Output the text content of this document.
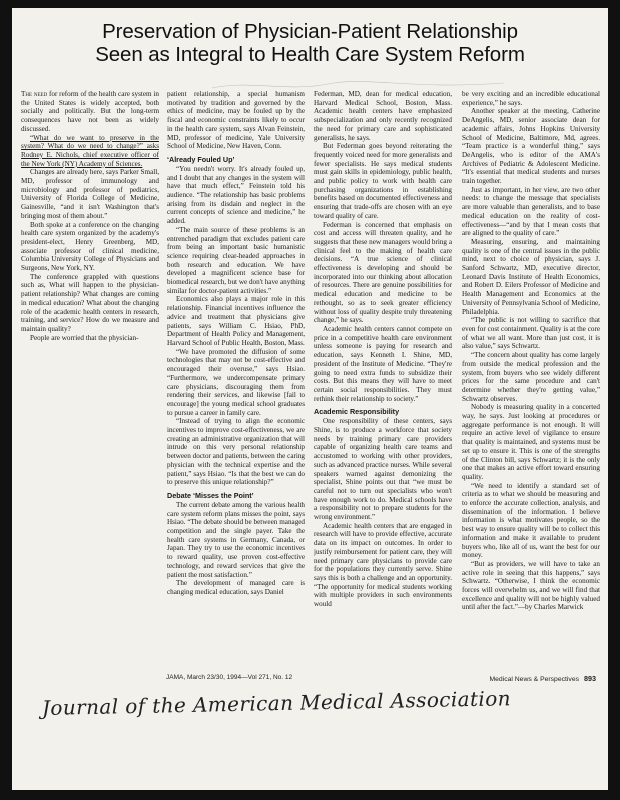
Preservation of Physician-Patient Relationship
Seen as Integral to Health Care System Reform

The need for reform of the health care system in the United States is widely accepted, both socially and politically. But the long-term consequences have not been as widely discussed.

“What do we want to preserve in the system? What do we need to change?” asks Rodney E. Nichols, chief executive officer of the New York (NY) Academy of Sciences.

Changes are already here, says Parker Small, MD, professor of immunology and microbiology and professor of pediatrics, University of Florida College of Medicine, Gainesville, “and it isn't Washington that's bringing most of them about.”

Both spoke at a conference on the changing health care system organized by the academy's president-elect, Henry Greenberg, MD, associate professor of clinical medicine, Columbia University College of Physicians and Surgeons, New York, NY.

The conference grappled with questions such as, What will happen to the physician-patient relationship? What changes are coming in medical education? What about the changing role of the academic health centers in research, training, and service? How do we measure and maintain quality?

People are worried that the physician-

patient relationship, a special humanism motivated by tradition and governed by the ethics of medicine, may be fouled up by the fiscal and economic constraints likely to occur in the health care system, says Alvan Feinstein, MD, professor of medicine, Yale University School of Medicine, New Haven, Conn.

‘Already Fouled Up’

“You needn't worry. It's already fouled up, and I doubt that any changes in the system will have that much effect,” Feinstein told his audience. “The relationship has basic problems arising from its disdain and neglect in the current concepts of science and medicine,” he added.

“The main source of these problems is an entrenched paradigm that excludes patient care from being an important basic humanistic science requiring clear-headed approaches in both research and education. We have developed a magnificent science base for biomedical research, but we don't have anything similar for doctor-patient activities.”

Economics also plays a major role in this relationship. Financial incentives influence the advice and treatment that physicians give patients, says William C. Hsiao, PhD, Department of Health Policy and Management, Harvard School of Public Health, Boston, Mass.

“We have promoted the diffusion of some technologies that may not be cost-effective and encouraged their overuse,” says Hsiao. “Furthermore, we undercompensate primary care physicians, discouraging them from rendering their services, and likewise [fail to encourage] the young medical school graduates to pursue a career in family care.

“Instead of trying to align the economic incentives to improve cost-effectiveness, we are creating an administrative organization that will intrude on this very personal relationship between doctor and patients, between the caring physician with the technical expertise and the patient,” says Hsiao. “Is that the best we can do to preserve this unique relationship?”

Debate ‘Misses the Point’

The current debate among the various health care system reform plans misses the point, says Hsiao. “The debate should be between managed competition and the single payer. Take the health care systems in Germany, Canada, or Japan. They try to use the economic incentives to reward quality, use proven cost-effective technology, and reward services that give the patient the most satisfaction.”

The development of managed care is changing medical education, says Daniel

Federman, MD, dean for medical education, Harvard Medical School, Boston, Mass. Academic health centers have emphasized subspecialization and only recently recognized the need for primary care and sophisticated generalists, he says.

But Federman goes beyond reiterating the frequently voiced need for more generalists and fewer specialists. He says medical students must gain skills in epidemiology, public health, and public policy to work with health care purchasing organizations in establishing benefits based on documented effectiveness and ensuring that trade-offs are chosen with an eye toward quality of care.

Federman is concerned that emphasis on cost and access will threaten quality, and he suggests that these new managers would bring a clinical feel to the making of health care decisions. “A true science of clinical effectiveness is developing and should be incorporated into our thinking about allocation of resources. There are genuine possibilities for medical education and medicine to be rethought, so as to seek greater efficiency without loss of quality despite truly threatening change,” he says.

Academic health centers cannot compete on price in a competitive health care environment unless someone is paying for research and education, says Kenneth I. Shine, MD, president of the Institute of Medicine. “They're going to need extra funds to subsidize their costs. But this means they will have to meet certain social responsibilities. They must rethink their relationship to society.”

Academic Responsibility

One responsibility of these centers, says Shine, is to produce a workforce that society needs by training primary care providers capable of organizing health care teams and accustomed to working with other providers, such as advanced practice nurses. While several speakers warned against demonizing the specialist, Shine points out that “we must be careful not to turn out specialists who won't have enough work to do. Medical schools have a responsibility not to prepare students for the wrong environment.”

Academic health centers that are engaged in research will have to provide effective, accurate data on its impact on outcomes. In order to justify reimbursement for patient care, they will need primary care physicians to provide care for the populations they currently serve. Shine says this is both a challenge and an opportunity. “The opportunity for medical students working with multiple providers in such environments would

be very exciting and an incredible educational experience,” he says.

Another speaker at the meeting, Catherine DeAngelis, MD, senior associate dean for academic affairs, Johns Hopkins University School of Medicine, Baltimore, Md, agrees. “Team practice is a wonderful thing,” says DeAngelis, who is editor of the AMA's Archives of Pediatric & Adolescent Medicine. “It's essential that medical students and nurses train together.

Just as important, in her view, are two other needs: to change the message that specialists are more valuable than generalists, and to base medical education on the reality of cost-effectiveness—“and by that I mean costs that are aligned to the quality of care.”

Measuring, ensuring, and maintaining quality is one of the central issues in the public mind, next to choice of physician, says J. Sanford Schwartz, MD, executive director, Leonard Davis Institute of Health Economics, and Robert D. Eilers Professor of Medicine and Health Management and Economics at the University of Pennsylvania School of Medicine, Philadelphia.

“The public is not willing to sacrifice that even for cost containment. Quality is at the core of what we all want. More than just cost, it is also value,” says Schwartz.

“The concern about quality has come largely from outside the medical profession and the system, from buyers who see widely different prices for the same procedure and can't determine whether they're getting value,” Schwartz observes.

Nobody is measuring quality in a concerted way, he says. Just looking at procedures or aggregate performance is not enough. It will require an active level of vigilance to ensure that quality is maintained, and systems must be set up to ensure it. This is one of the strengths of the Clinton bill, says Schwartz; it is the only one that makes an active effort toward ensuring quality.

“We need to identify a standard set of criteria as to what we should be measuring and to enforce the accurate collection, analysis, and dissemination of the information. I believe information is what motivates people, so the best way to ensure quality will be to collect this information and make it available to prudent buyers who, like all of us, want the best for our money.

“But as providers, we will have to take an active role in seeing that this happens,” says Schwartz. “Otherwise, I think the economic forces will overwhelm us, and we will find that excellence and quality will not be highly valued until after the fact.”—by Charles Marwick

JAMA, March 23/30, 1994—Vol 271, No. 12	Medical News & Perspectives 893
Journal of the American Medical Association
